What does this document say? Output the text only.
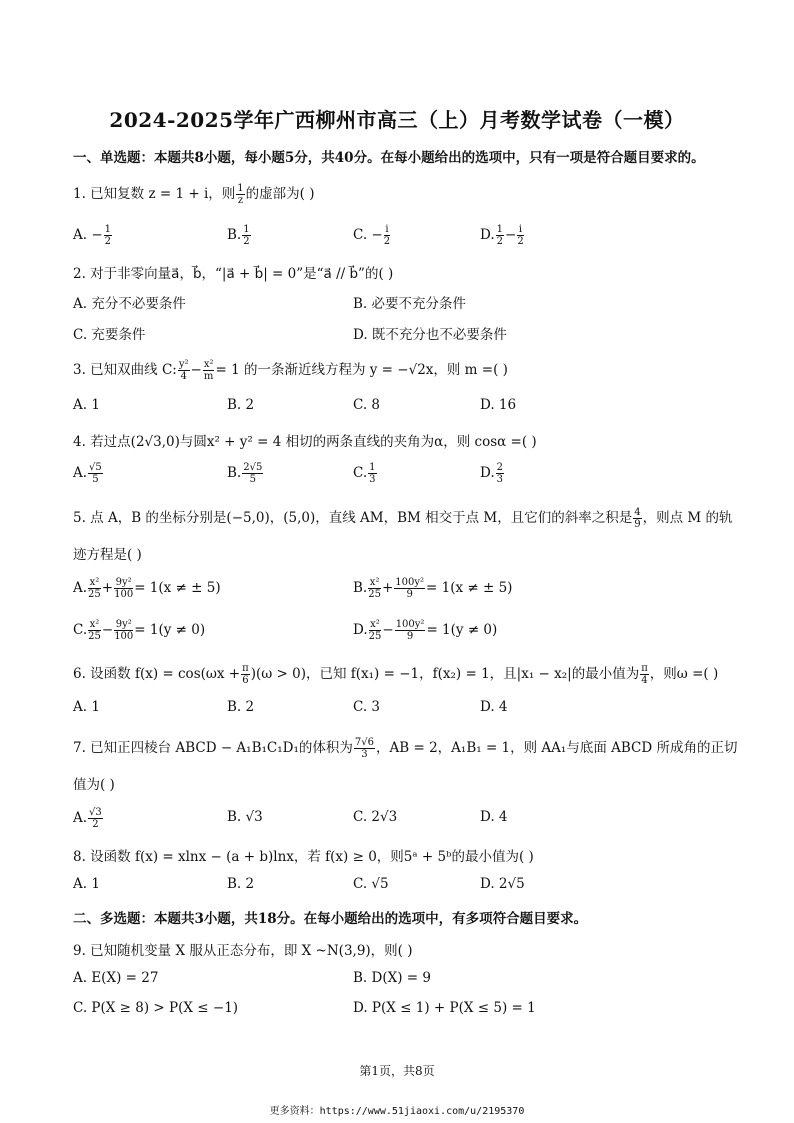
2024-2025学年广西柳州市高三（上）月考数学试卷（一模）
一、单选题：本题共8小题，每小题5分，共40分。在每小题给出的选项中，只有一项是符合题目要求的。
1. 已知复数 z = 1 + i，则 $\frac{1}{z}$ 的虚部为( )
A. − $\frac{1}{2}$	B. $\frac{1}{2}$	C. − $\frac{i}{2}$	D. $\frac{1}{2} - \frac{i}{2}$
2. 对于非零向量a⃗，b⃗，“|a⃗ + b⃗| = 0”是“a⃗ // b⃗”的( )
A. 充分不必要条件	B. 必要不充分条件
C. 充要条件	D. 既不充分也不必要条件
3. 已知双曲线 C: $\frac{\text{y²}}{4} - \frac{\text{x²}}{m} = 1$ 的一条渐近线方程为 y = −√2x，则 m =( )
A. 1	B. 2	C. 8	D. 16
4. 若过点(2√3,0)与圆x² + y² = 4 相切的两条直线的夹角为α，则 cosα =( )
A. $\frac{√5}{5}$	B. $\frac{2√5}{5}$	C. $\frac{1}{3}$	D. $\frac{2}{3}$
5. 点 A，B 的坐标分别是(−5,0)，(5,0)，直线 AM，BM 相交于点 M，且它们的斜率之积是 $\frac{4}{9}$ ，则点 M 的轨
迹方程是( )
A. $\frac{\text{x²}}{25} + \frac{\text{9y²}}{100} = 1(x$ ≠ ± 5)	B. $\frac{\text{x²}}{25} + \frac{\text{100y²}}{9} = 1(x$ ≠ ± 5)
C. $\frac{\text{x²}}{25} - \frac{\text{9y²}}{100} = 1(y \ne 0)$	D. $\frac{\text{x²}}{25} - \frac{\text{100y²}}{9} = 1(y \ne 0)$
6. 设函数 $f(x) = \cos(\omega x + \frac{\pi}{6} )(\omega > 0)$，已知 f(x₁) = −1，f(x₂) = 1，且|x₁ − x₂|的最小值为 $\frac{\pi}{4}$ ，则ω =( )
A. 1	B. 2	C. 3	D. 4
7. 已知正四棱台 ABCD − A₁B₁C₁D₁的体积为 $\frac{7√6}{3}$ ，AB = 2，A₁B₁ = 1，则 AA₁与底面 ABCD 所成角的正切
值为( )
A. $\frac{√3}{2}$	B. √3	C. 2√3	D. 4
8. 设函数 f(x) = xlnx − (a + b)lnx，若 f(x) ≥ 0，则5ᵃ + 5ᵇ的最小值为( )
A. 1	B. 2	C. √5	D. 2√5
二、多选题：本题共3小题，共18分。在每小题给出的选项中，有多项符合题目要求。
9. 已知随机变量 X 服从正态分布，即 X ~N(3,9)，则( )
A. E(X) = 27	B. D(X) = 9
C. P(X ≥ 8) > P(X ≤ −1)	D. P(X ≤ 1) + P(X ≤ 5) = 1
第1页，共8页
更多资料：https://www.51jiaoxi.com/u/2195370
